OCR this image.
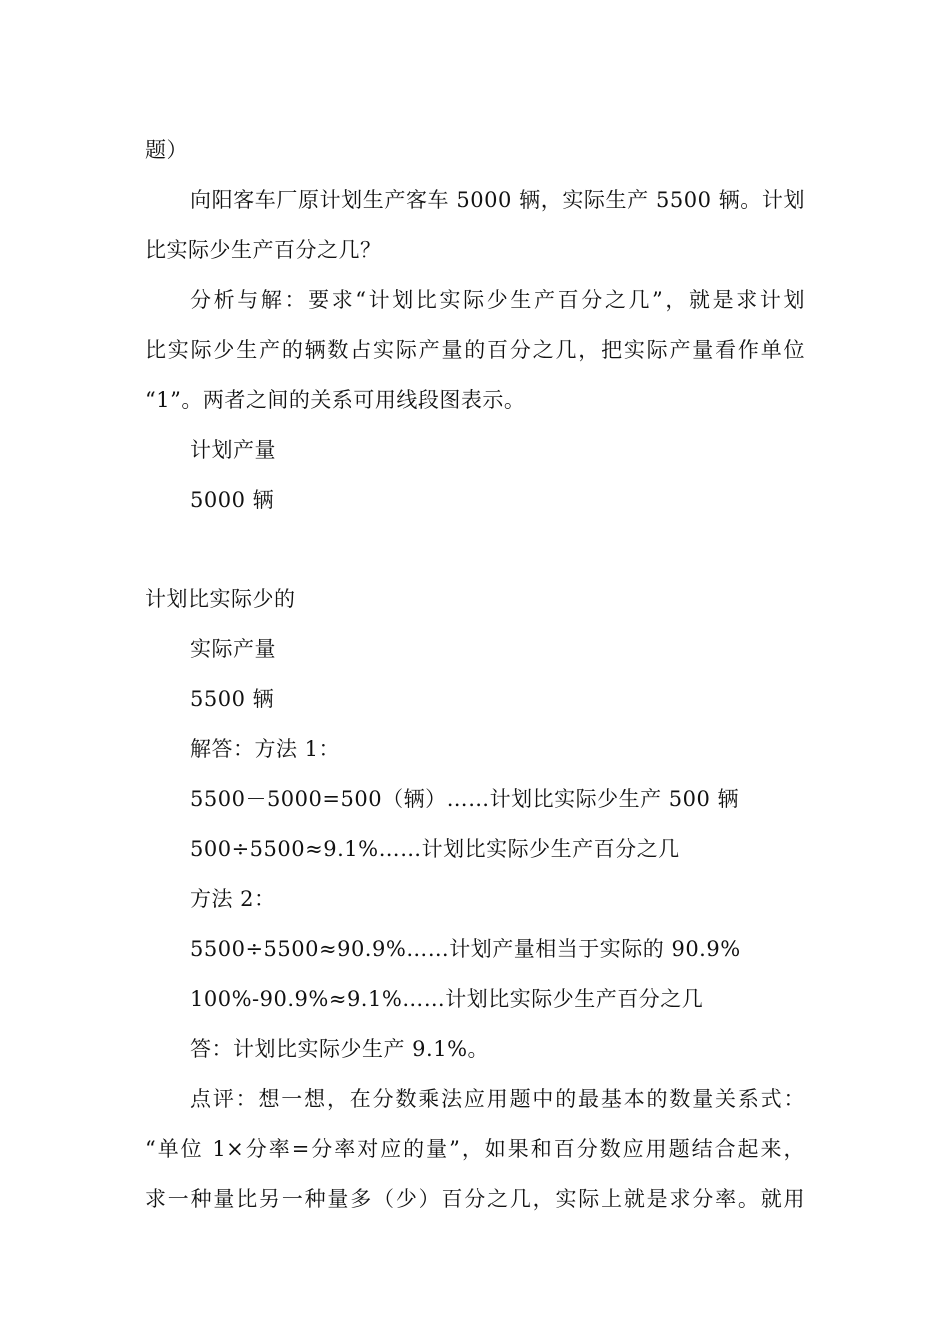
题）
向阳客车厂原计划生产客车 5000 辆，实际生产 5500 辆。计划
比实际少生产百分之几？
分析与解：要求“计划比实际少生产百分之几”，就是求计划
比实际少生产的辆数占实际产量的百分之几，把实际产量看作单位
“1”。两者之间的关系可用线段图表示。
计划产量
5000 辆
计划比实际少的
实际产量
5500 辆
解答：方法 1：
5500－5000=500（辆）……计划比实际少生产 500 辆
500÷5500≈9.1%……计划比实际少生产百分之几
方法 2：
5500÷5500≈90.9%……计划产量相当于实际的 90.9%
100%-90.9%≈9.1%……计划比实际少生产百分之几
答：计划比实际少生产 9.1%。
点评：想一想，在分数乘法应用题中的最基本的数量关系式：
“单位 1×分率=分率对应的量”，如果和百分数应用题结合起来，
求一种量比另一种量多（少）百分之几，实际上就是求分率。就用
